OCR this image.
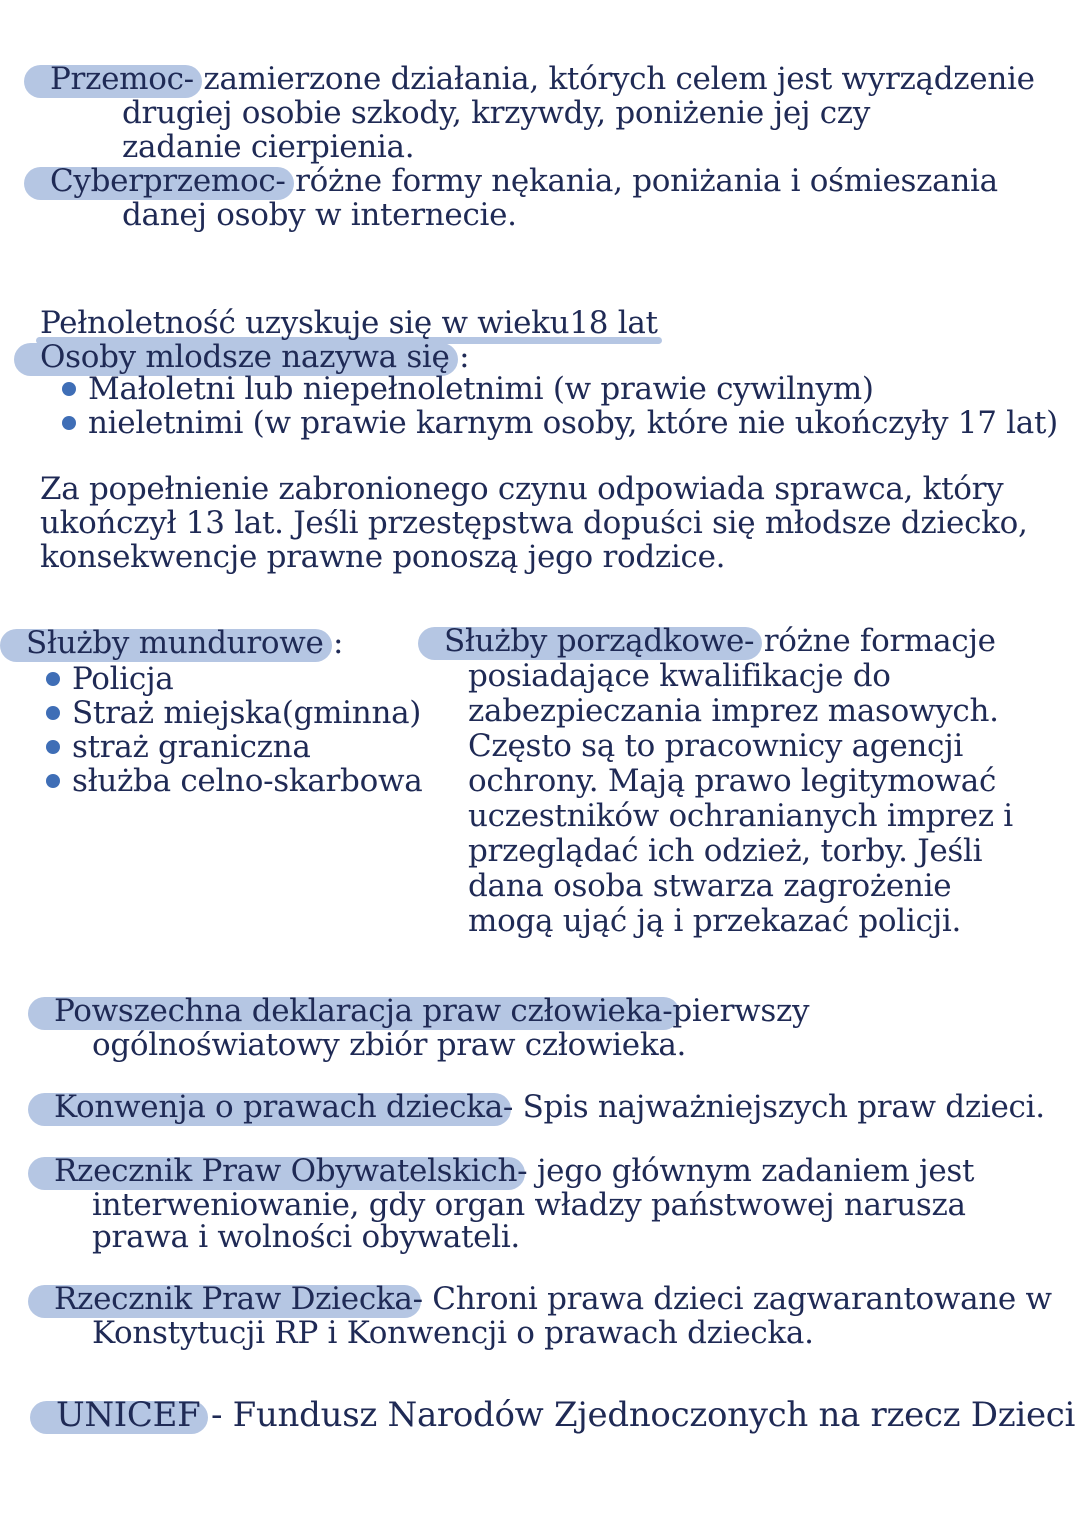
Przemoc- zamierzone działania, których celem jest wyrządzenie
drugiej osobie szkody, krzywdy, poniżenie jej czy
zadanie cierpienia.
Cyberprzemoc- różne formy nękania, poniżania i ośmieszania
danej osoby w internecie.
Pełnoletność uzyskuje się w wieku18 lat
Osoby mlodsze nazywa się :
Małoletni lub niepełnoletnimi (w prawie cywilnym)
nieletnimi (w prawie karnym osoby, które nie ukończyły 17 lat)
Za popełnienie zabronionego czynu odpowiada sprawca, który
ukończył 13 lat. Jeśli przestępstwa dopuści się młodsze dziecko,
konsekwencje prawne ponoszą jego rodzice.
Służby mundurowe :
Policja
Straż miejska(gminna)
straż graniczna
służba celno-skarbowa
Służby porządkowe- różne formacje
posiadające kwalifikacje do
zabezpieczania imprez masowych.
Często są to pracownicy agencji
ochrony. Mają prawo legitymować
uczestników ochranianych imprez i
przeglądać ich odzież, torby. Jeśli
dana osoba stwarza zagrożenie
mogą ująć ją i przekazać policji.
Powszechna deklaracja praw człowieka-pierwszy
ogólnoświatowy zbiór praw człowieka.
Konwenja o prawach dziecka- Spis najważniejszych praw dzieci.
Rzecznik Praw Obywatelskich- jego głównym zadaniem jest
interweniowanie, gdy organ władzy państwowej narusza
prawa i wolności obywateli.
Rzecznik Praw Dziecka- Chroni prawa dzieci zagwarantowane w
Konstytucji RP i Konwencji o prawach dziecka.
UNICEF - Fundusz Narodów Zjednoczonych na rzecz Dzieci
